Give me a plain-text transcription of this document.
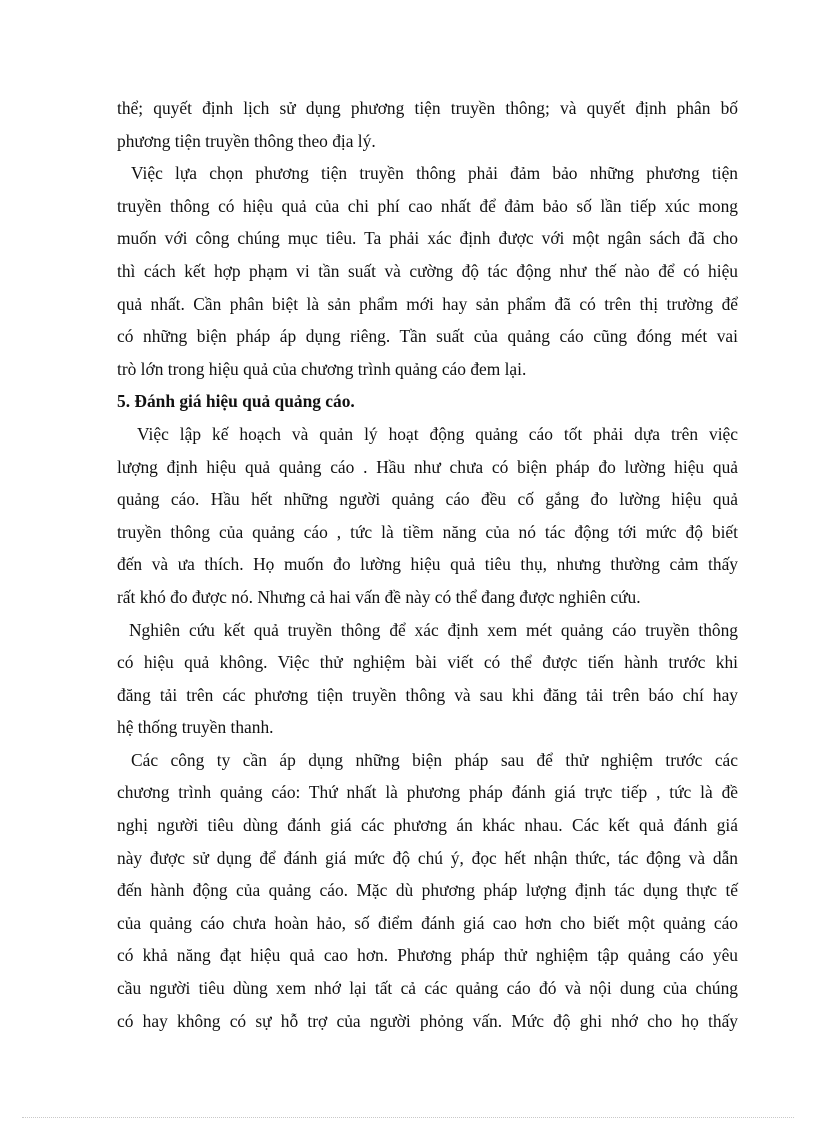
thể; quyết định lịch sử dụng phương tiện truyền thông; và quyết định phân bố
phương tiện truyền thông theo địa lý.
Việc lựa chọn phương tiện truyền thông phải đảm bảo những phương tiện
truyền thông có hiệu quả của chi phí cao nhất để đảm bảo số lần tiếp xúc mong
muốn với công chúng mục tiêu. Ta phải xác định được với một ngân sách đã cho
thì cách kết hợp phạm vi tần suất và cường độ tác động như thế nào để có hiệu
quả nhất. Cần phân biệt là sản phẩm mới hay sản phẩm đã có trên thị trường để
có những biện pháp áp dụng riêng. Tần suất của quảng cáo cũng đóng mét vai
trò lớn trong hiệu quả của chương trình quảng cáo đem lại.
5. Đánh giá hiệu quả quảng cáo.
Việc lập kế hoạch và quản lý hoạt động quảng cáo tốt phải dựa trên việc
lượng định hiệu quả quảng cáo . Hầu như chưa có biện pháp đo lường hiệu quả
quảng cáo. Hầu hết những người quảng cáo đều cố gắng đo lường hiệu quả
truyền thông của quảng cáo , tức là tiềm năng của nó tác động tới mức độ biết
đến và ưa thích. Họ muốn đo lường hiệu quả tiêu thụ, nhưng thường cảm thấy
rất khó đo được nó. Nhưng cả hai vấn đề này có thể đang được nghiên cứu.
Nghiên cứu kết quả truyền thông để xác định xem mét quảng cáo truyền thông
có hiệu quả không. Việc thử nghiệm bài viết có thể được tiến hành trước khi
đăng tải trên các phương tiện truyền thông và sau khi đăng tải trên báo chí hay
hệ thống truyền thanh.
Các công ty cần áp dụng những biện pháp sau để thử nghiệm trước các
chương trình quảng cáo: Thứ nhất là phương pháp đánh giá trực tiếp , tức là đề
nghị người tiêu dùng đánh giá các phương án khác nhau. Các kết quả đánh giá
này được sử dụng để đánh giá mức độ chú ý, đọc hết nhận thức, tác động và dẫn
đến hành động của quảng cáo. Mặc dù phương pháp lượng định tác dụng thực tế
của quảng cáo chưa hoàn hảo, số điểm đánh giá cao hơn cho biết một quảng cáo
có khả năng đạt hiệu quả cao hơn. Phương pháp thử nghiệm tập quảng cáo yêu
cầu người tiêu dùng xem nhớ lại tất cả các quảng cáo đó và nội dung của chúng
có hay không có sự hỗ trợ của người phỏng vấn. Mức độ ghi nhớ cho họ thấy
